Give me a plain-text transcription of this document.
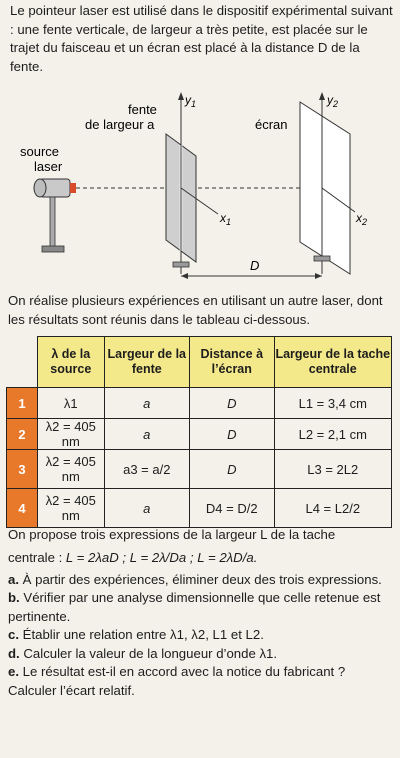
Le pointeur laser est utilisé dans le dispositif expérimental suivant : une fente verticale, de largeur a très petite, est placée sur le trajet du faisceau et un écran est placé à la distance D de la fente.
source
laser
$y_1$
fente
de largeur a
$x_1$
$y_2$
écran
$x_2$
D
On réalise plusieurs expériences en utilisant un autre laser, dont les résultats sont réunis dans le tableau ci-dessous.
	λ de la source	Largeur de la fente	Distance à l’écran	Largeur de la tache centrale
1	λ1	a	D	L1 = 3,4 cm
2	λ2 = 405 nm	a	D	L2 = 2,1 cm
3	λ2 = 405 nm	a3 = a/2	D	L3 = 2L2
4	λ2 = 405 nm	a	D4 = D/2	L4 = L2/2

On propose trois expressions de la largeur L de la tache

centrale : L = 2λaD ; L = 2λ/Da ; L = 2λD/a.

a. À partir des expériences, éliminer deux des trois expressions.

b. Vérifier par une analyse dimensionnelle que celle retenue est pertinente.

c. Établir une relation entre λ1, λ2, L1 et L2.

d. Calculer la valeur de la longueur d’onde λ1.

e. Le résultat est-il en accord avec la notice du fabricant ? Calculer l’écart relatif.
